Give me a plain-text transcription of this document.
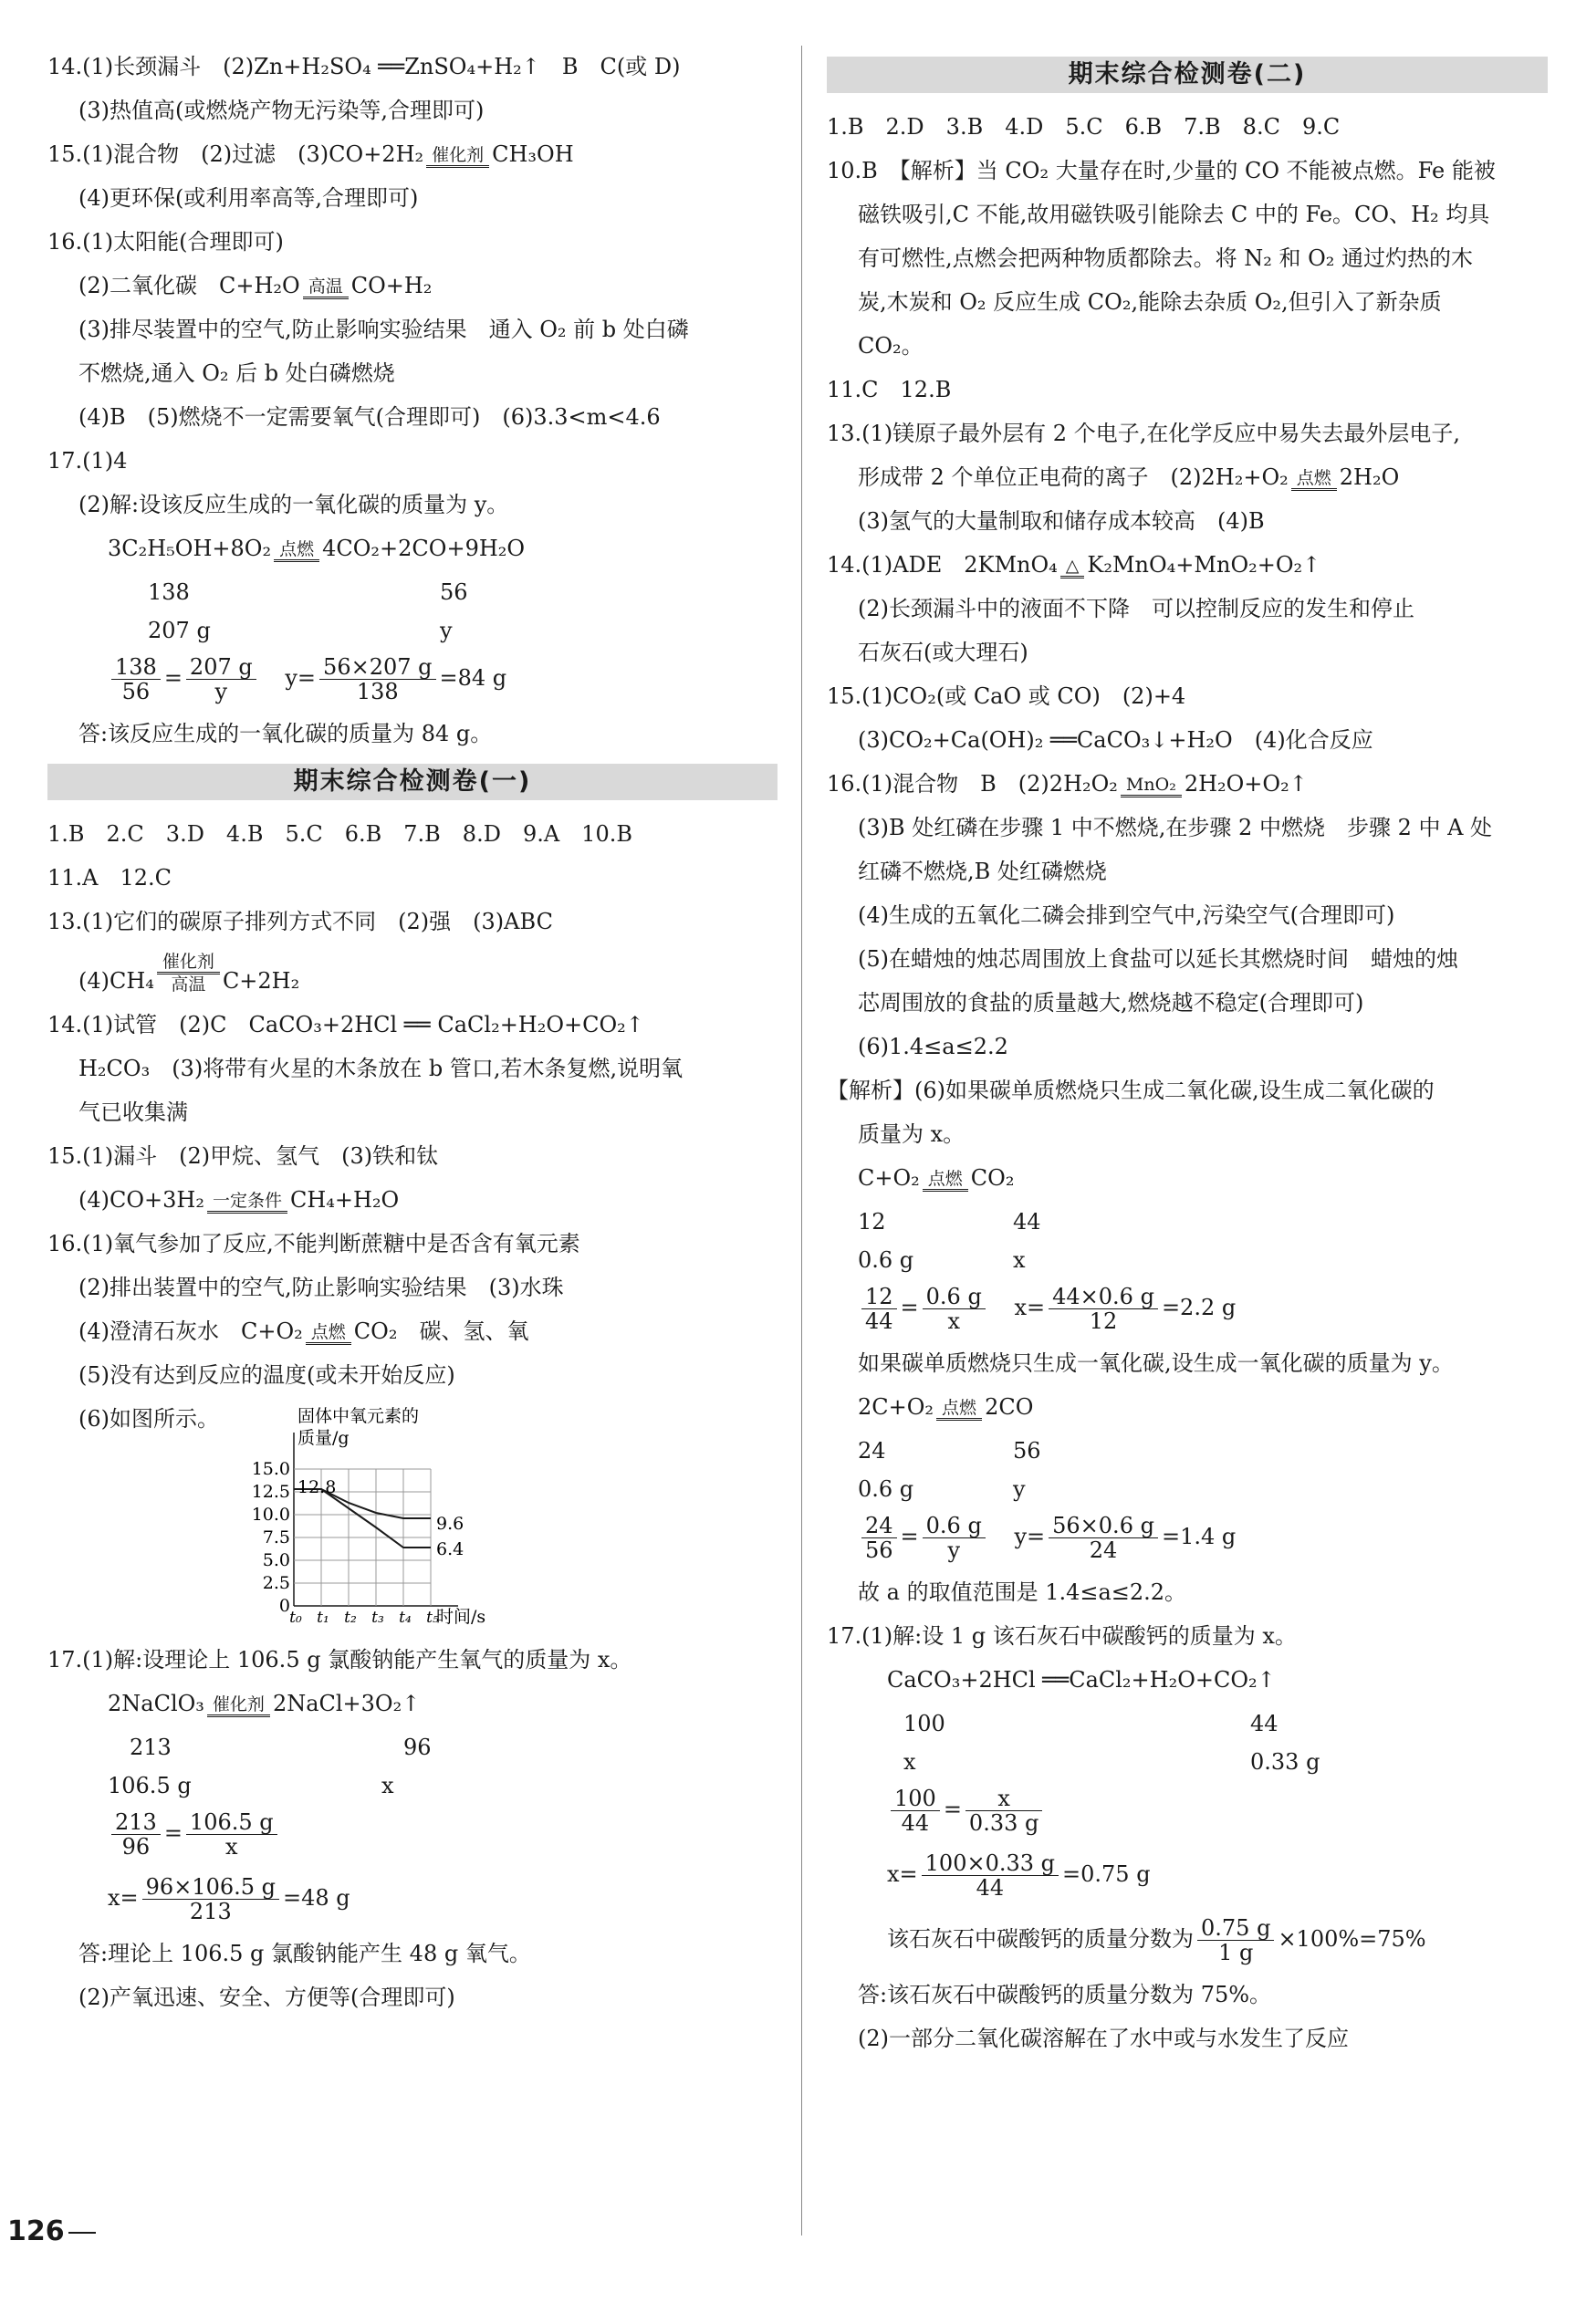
14.(1)长颈漏斗　(2)Zn+H₂SO₄ ══ZnSO₄+H₂↑　B　C(或 D)
(3)热值高(或燃烧产物无污染等,合理即可)
15.(1)混合物　(2)过滤　(3)CO+2H₂ 催化剂 CH₃OH
(4)更环保(或利用率高等,合理即可)
16.(1)太阳能(合理即可)
(2)二氧化碳　C+H₂O 高温 CO+H₂
(3)排尽装置中的空气,防止影响实验结果　通入 O₂ 前 b 处白磷
不燃烧,通入 O₂ 后 b 处白磷燃烧
(4)B　(5)燃烧不一定需要氧气(合理即可)　(6)3.3<m<4.6
17.(1)4
(2)解:设该反应生成的一氧化碳的质量为 y。
3C₂H₅OH+8O₂ 点燃 4CO₂+2CO+9H₂O
138	56
207 g	y
$\frac{138}{56} = \frac{207 g}{y} y= \frac{56\times 207 g}{138} =84$ g
答:该反应生成的一氧化碳的质量为 84 g。
期末综合检测卷(一)
1.B　2.C　3.D　4.B　5.C　6.B　7.B　8.D　9.A　10.B
11.A　12.C
13.(1)它们的碳原子排列方式不同　(2)强　(3)ABC
(4)CH₄
催化剂
高温 C+2H₂
14.(1)试管　(2)C　CaCO₃+2HCl ══ CaCl₂+H₂O+CO₂↑
H₂CO₃　(3)将带有火星的木条放在 b 管口,若木条复燃,说明氧
气已收集满
15.(1)漏斗　(2)甲烷、氢气　(3)铁和钛
(4)CO+3H₂ 一定条件 CH₄+H₂O
16.(1)氧气参加了反应,不能判断蔗糖中是否含有氧元素
(2)排出装置中的空气,防止影响实验结果　(3)水珠
(4)澄清石灰水　C+O₂ 点燃 CO₂　碳、氢、氧
(5)没有达到反应的温度(或未开始反应)
(6)如图所示。	固体中氧元素的
质量/g
时间/s
15.0
12.5
10.0
7.5
5.0
2.5
0
t₀ t₁ t₂ t₃ t₄ t₅
12.8
9.6
6.4
17.(1)解:设理论上 106.5 g 氯酸钠能产生氧气的质量为 x。
2NaClO₃ 催化剂 2NaCl+3O₂↑
213	96
106.5 g	x
$\frac{213}{96} = \frac{106.5 g}{x}$
$x= \frac{96\times 106.5 g}{213} =48$ g
答:理论上 106.5 g 氯酸钠能产生 48 g 氧气。
(2)产氧迅速、安全、方便等(合理即可)
期末综合检测卷(二)
1.B　2.D　3.B　4.D　5.C　6.B　7.B　8.C　9.C
10.B　【解析】当 CO₂ 大量存在时,少量的 CO 不能被点燃。Fe 能被
磁铁吸引,C 不能,故用磁铁吸引能除去 C 中的 Fe。CO、H₂ 均具
有可燃性,点燃会把两种物质都除去。将 N₂ 和 O₂ 通过灼热的木
炭,木炭和 O₂ 反应生成 CO₂,能除去杂质 O₂,但引入了新杂质
CO₂。
11.C　12.B
13.(1)镁原子最外层有 2 个电子,在化学反应中易失去最外层电子,
形成带 2 个单位正电荷的离子　(2)2H₂+O₂ 点燃 2H₂O
(3)氢气的大量制取和储存成本较高　(4)B
14.(1)ADE　2KMnO₄ △ K₂MnO₄+MnO₂+O₂↑
(2)长颈漏斗中的液面不下降　可以控制反应的发生和停止
石灰石(或大理石)
15.(1)CO₂(或 CaO 或 CO)　(2)+4
(3)CO₂+Ca(OH)₂ ══CaCO₃↓+H₂O　(4)化合反应
16.(1)混合物　B　(2)2H₂O₂ MnO₂ 2H₂O+O₂↑
(3)B 处红磷在步骤 1 中不燃烧,在步骤 2 中燃烧　步骤 2 中 A 处
红磷不燃烧,B 处红磷燃烧
(4)生成的五氧化二磷会排到空气中,污染空气(合理即可)
(5)在蜡烛的烛芯周围放上食盐可以延长其燃烧时间　蜡烛的烛
芯周围放的食盐的质量越大,燃烧越不稳定(合理即可)
(6)1.4≤a≤2.2
【解析】(6)如果碳单质燃烧只生成二氧化碳,设生成二氧化碳的
质量为 x。
C+O₂ 点燃 CO₂
12	44
0.6 g	x
$\frac{12}{44} = \frac{0.6 g}{x} x= \frac{44\times 0.6 g}{12} =2.2$ g
如果碳单质燃烧只生成一氧化碳,设生成一氧化碳的质量为 y。
2C+O₂ 点燃 2CO
24	56
0.6 g	y
$\frac{24}{56} = \frac{0.6 g}{y} y= \frac{56\times 0.6 g}{24} =1.4$ g
故 a 的取值范围是 1.4≤a≤2.2。
17.(1)解:设 1 g 该石灰石中碳酸钙的质量为 x。
CaCO₃+2HCl ══CaCl₂+H₂O+CO₂↑
100	44
x	0.33 g
$\frac{100}{44} = \frac{x}{0.33 g}$
$x= \frac{100\times 0.33 g}{44} =0.75$ g
该石灰石中碳酸钙的质量分数为 $\frac{0.75 g}{1 g} \times 100\%=75\%$
答:该石灰石中碳酸钙的质量分数为 75%。
(2)一部分二氧化碳溶解在了水中或与水发生了反应
126
